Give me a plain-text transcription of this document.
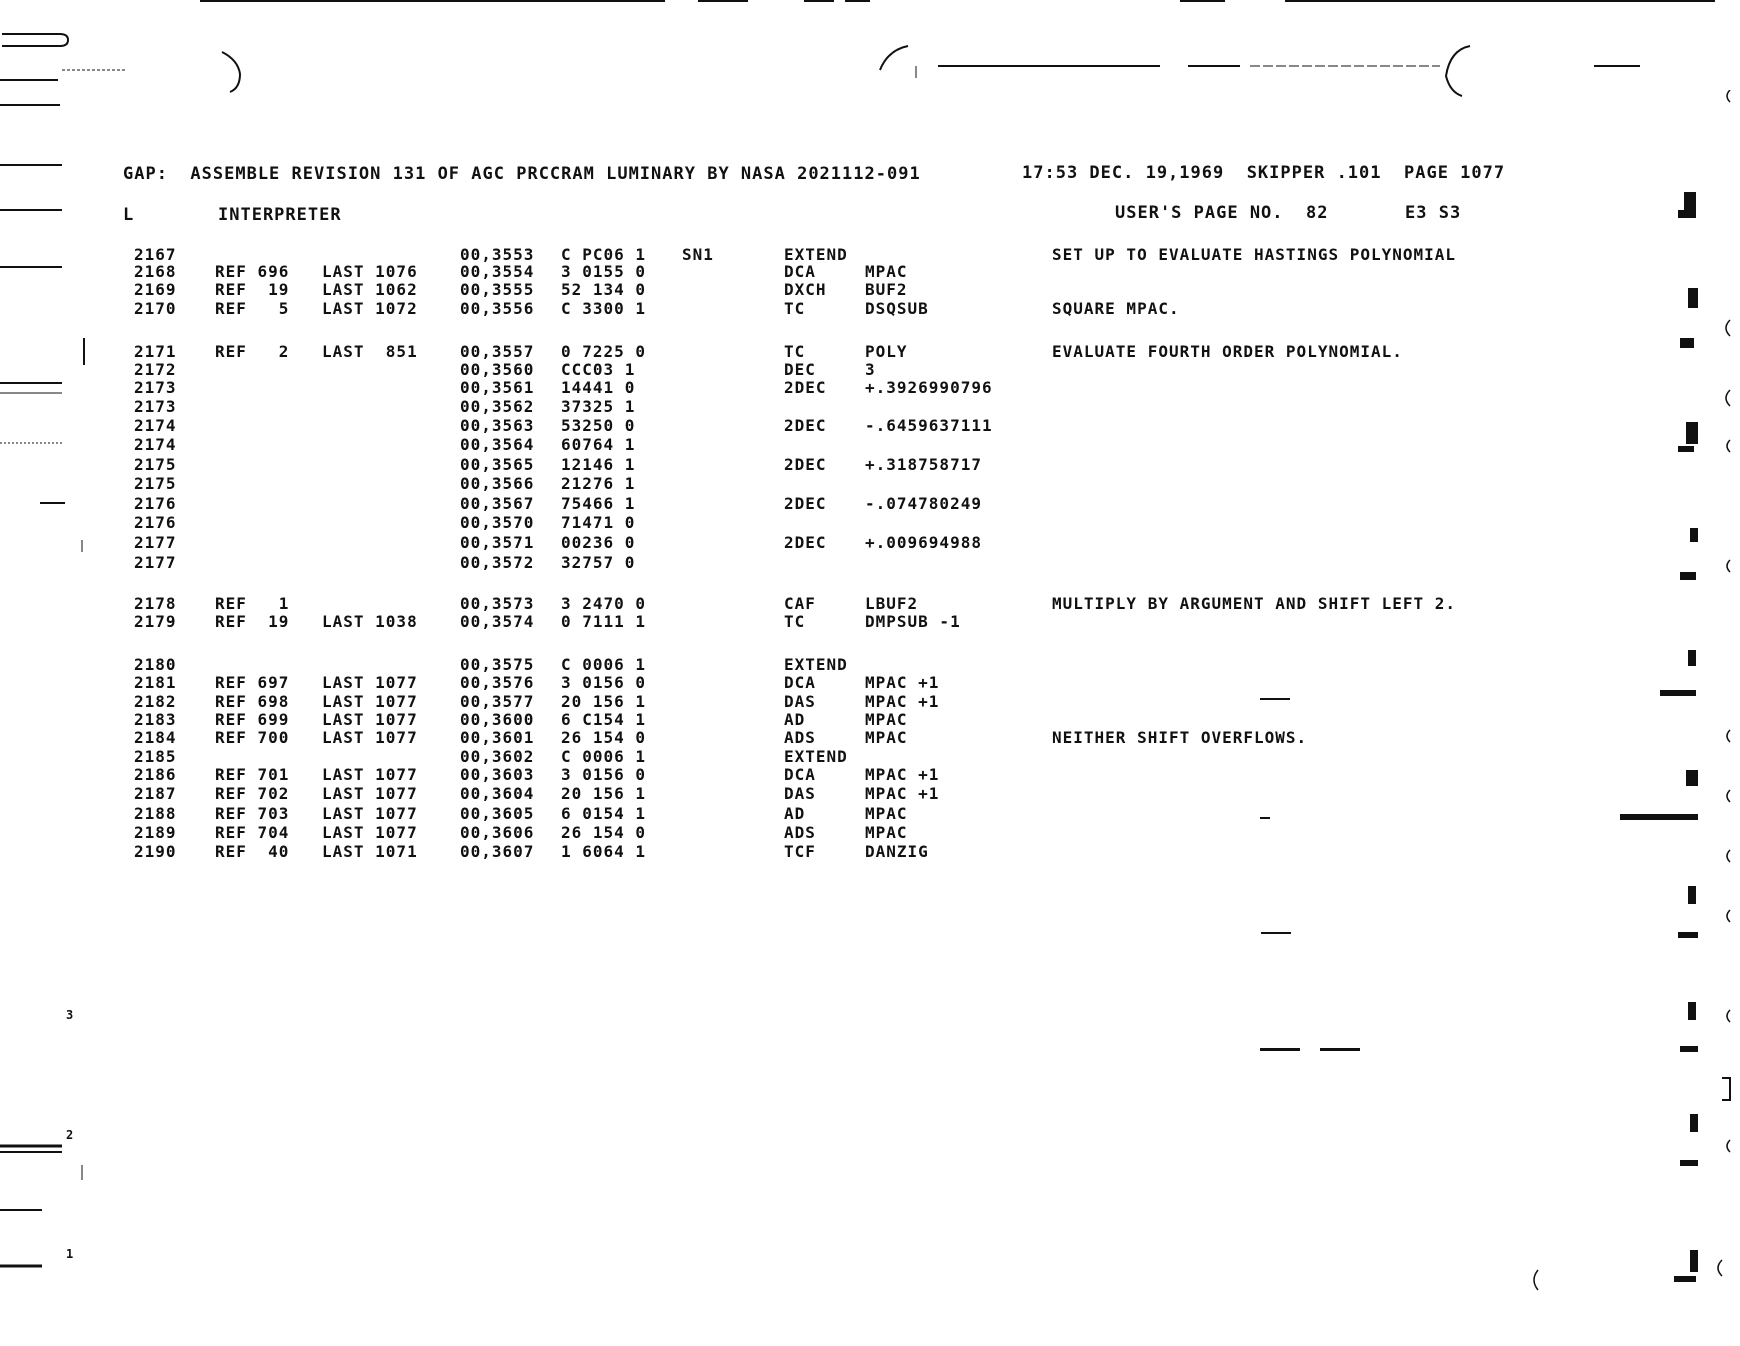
GAP:  ASSEMBLE REVISION 131 OF AGC PRCCRAM LUMINARY BY NASA 2021112-091	17:53 DEC. 19,1969  SKIPPER .101  PAGE 1077
L	INTERPRETER	USER'S PAGE NO.  82	E3 S3
2167	00,3553 C PC06 1 SN1	EXTEND	SET UP TO EVALUATE HASTINGS POLYNOMIAL
2168 REF 696 LAST 1076	00,3554 3 0155 0	DCA	MPAC
2169 REF  19 LAST 1062	00,3555 52 134 0	DXCH BUF2
2170 REF   5 LAST 1072	00,3556 C 3300 1	TC	DSQSUB	SQUARE MPAC.
2171 REF   2 LAST  851	00,3557 0 7225 0	TC	POLY	EVALUATE FOURTH ORDER POLYNOMIAL.
2172	00,3560 CCC03 1	DEC	3
2173	00,3561 14441 0	2DEC +.3926990796
2173	00,3562 37325 1
2174	00,3563 53250 0	2DEC -.6459637111
2174	00,3564 60764 1
2175	00,3565 12146 1	2DEC +.318758717
2175	00,3566 21276 1
2176	00,3567 75466 1	2DEC -.074780249
2176	00,3570 71471 0
2177	00,3571 00236 0	2DEC +.009694988
2177	00,3572 32757 0
2178 REF   1	00,3573 3 2470 0	CAF	LBUF2	MULTIPLY BY ARGUMENT AND SHIFT LEFT 2.
2179 REF  19 LAST 1038	00,3574 0 7111 1	TC	DMPSUB -1
2180	00,3575 C 0006 1	EXTEND
2181 REF 697 LAST 1077	00,3576 3 0156 0	DCA	MPAC +1
2182 REF 698 LAST 1077	00,3577 20 156 1	DAS	MPAC +1
2183 REF 699 LAST 1077	00,3600 6 C154 1	AD	MPAC
2184 REF 700 LAST 1077	00,3601 26 154 0	ADS	MPAC	NEITHER SHIFT OVERFLOWS.
2185	00,3602 C 0006 1	EXTEND
2186 REF 701 LAST 1077	00,3603 3 0156 0	DCA	MPAC +1
2187 REF 702 LAST 1077	00,3604 20 156 1	DAS	MPAC +1
2188 REF 703 LAST 1077	00,3605 6 0154 1	AD	MPAC
2189 REF 704 LAST 1077	00,3606 26 154 0	ADS	MPAC
2190 REF  40 LAST 1071	00,3607 1 6064 1	TCF	DANZIG
3
2
1
